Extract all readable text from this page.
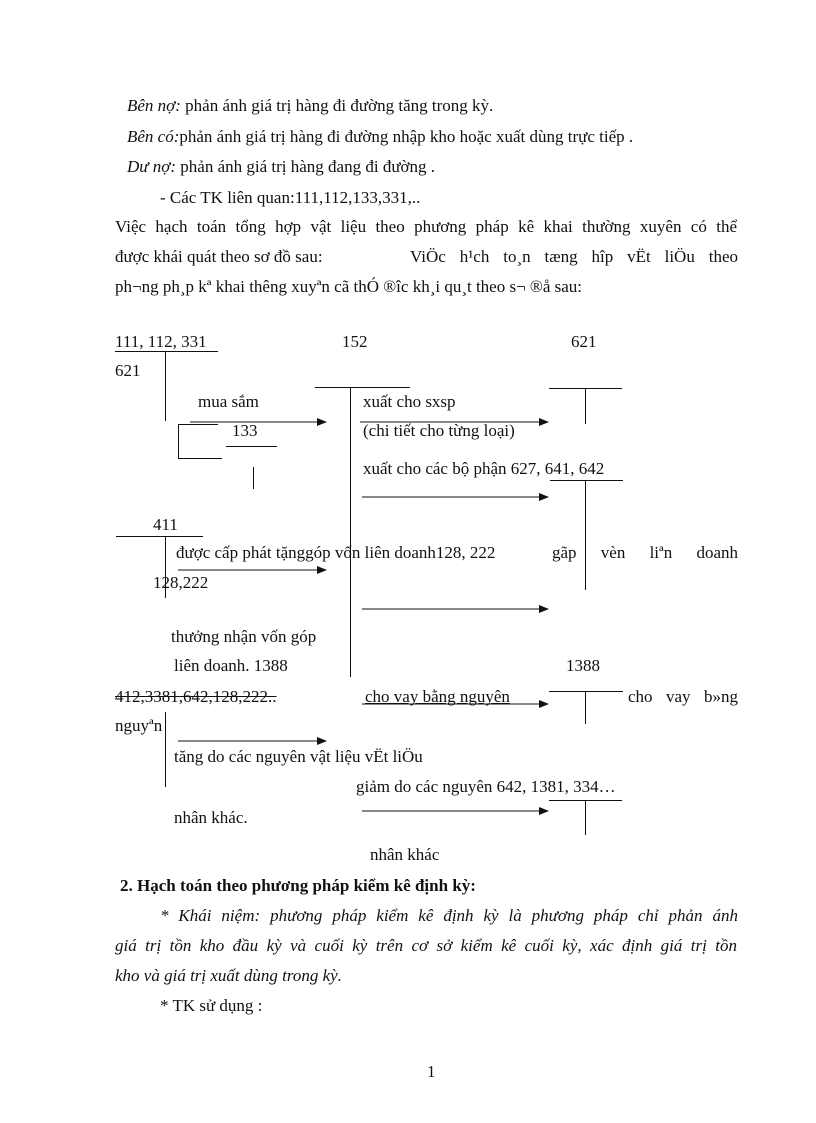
Bên nợ: phản ánh giá trị hàng đi đường tăng trong kỳ.
Bên có:phản ánh giá trị hàng đi đường nhập kho hoặc xuất dùng trực tiếp .
Dư nợ: phản ánh giá trị hàng đang đi đường .
- Các TK liên quan:111,112,133,331,..
Việc hạch toán tổng hợp vật liệu theo phương pháp kê khai thường xuyên có thể
được khái quát theo sơ đồ sau:	ViÖc h¹ch to¸n tæng hîp vËt liÖu theo
ph¬ng ph¸p kª khai thêng xuyªn cã thÓ ®îc kh¸i qu¸t theo s¬ ®å sau:
111, 112, 331	152	621
621
mua sắm	xuất cho sxsp
133	(chi tiết cho từng loại)
xuất cho các bộ phận 627, 641, 642
411
được cấp phát tặnggóp vốn liên doanh128, 222	gãp vèn liªn doanh
128,222
thưởng nhận vốn góp
liên doanh. 1388	1388
412,3381,642,128,222..	cho vay bằng nguyên	cho vay b»ng
nguyªn
tăng do các nguyên vật liệu vËt liÖu
giảm do các nguyên 642, 1381, 334…
nhân khác.
nhân khác
2. Hạch toán theo phương pháp kiểm kê định kỳ:
* Khái niệm: phương pháp kiểm kê định kỳ là phương pháp chỉ phản ánh
giá trị tồn kho đầu kỳ và cuối kỳ trên cơ sở kiểm kê cuối kỳ, xác định giá trị tồn
kho và giá trị xuất dùng trong kỳ.
* TK sử dụng :
1
